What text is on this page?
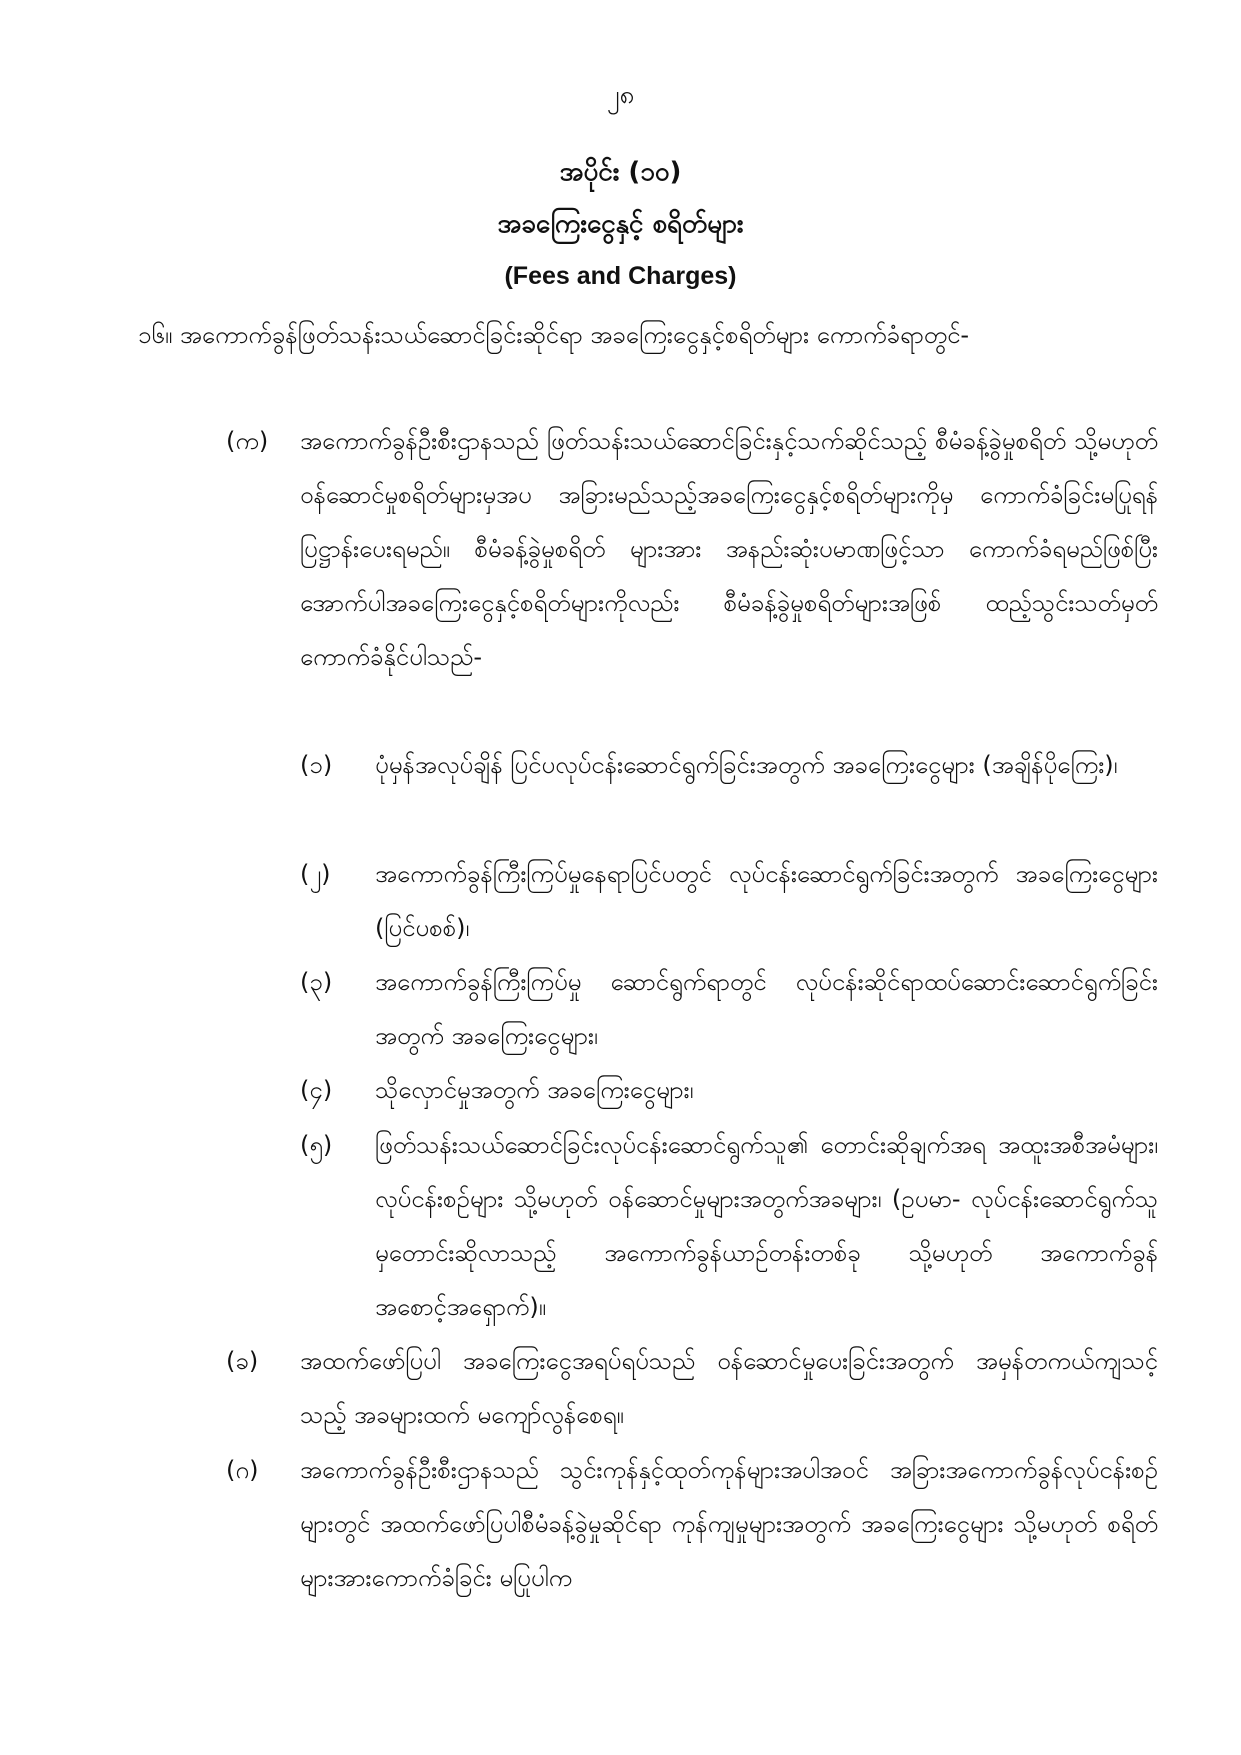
၂၈
အပိုင်း (၁၀)
အခကြေးငွေနှင့် စရိတ်များ
(Fees and Charges)
၁၆။ အကောက်ခွန်ဖြတ်သန်းသယ်ဆောင်ခြင်းဆိုင်ရာ အခကြေးငွေနှင့်စရိတ်များ ကောက်ခံရာတွင်-
(က) အကောက်ခွန်ဦးစီးဌာနသည် ဖြတ်သန်းသယ်ဆောင်ခြင်းနှင့်သက်ဆိုင်သည့် စီမံခန့်ခွဲမှုစရိတ် သို့မဟုတ် ဝန်ဆောင်မှုစရိတ်များမှအပ အခြားမည်သည့်အခကြေးငွေနှင့်စရိတ်များကိုမှ ကောက်ခံခြင်းမပြုရန် ပြဋ္ဌာန်းပေးရမည်။ စီမံခန့်ခွဲမှုစရိတ် များအား အနည်းဆုံးပမာဏဖြင့်သာ ကောက်ခံရမည်ဖြစ်ပြီး အောက်ပါအခကြေးငွေနှင့်စရိတ်များကိုလည်း စီမံခန့်ခွဲမှုစရိတ်များအဖြစ် ထည့်သွင်းသတ်မှတ်ကောက်ခံနိုင်ပါသည်-
(၁) ပုံမှန်အလုပ်ချိန် ပြင်ပလုပ်ငန်းဆောင်ရွက်ခြင်းအတွက် အခကြေးငွေများ (အချိန်ပိုကြေး)၊
(၂) အကောက်ခွန်ကြီးကြပ်မှုနေရာပြင်ပတွင် လုပ်ငန်းဆောင်ရွက်ခြင်းအတွက် အခကြေးငွေများ (ပြင်ပစစ်)၊
(၃) အကောက်ခွန်ကြီးကြပ်မှု ဆောင်ရွက်ရာတွင် လုပ်ငန်းဆိုင်ရာထပ်ဆောင်းဆောင်ရွက်ခြင်းအတွက် အခကြေးငွေများ၊
(၄) သိုလှောင်မှုအတွက် အခကြေးငွေများ၊
(၅) ဖြတ်သန်းသယ်ဆောင်ခြင်းလုပ်ငန်းဆောင်ရွက်သူ၏ တောင်းဆိုချက်အရ အထူးအစီအမံများ၊ လုပ်ငန်းစဉ်များ သို့မဟုတ် ဝန်ဆောင်မှုများအတွက်အခများ၊ (ဥပမာ- လုပ်ငန်းဆောင်ရွက်သူမှတောင်းဆိုလာသည့် အကောက်ခွန်ယာဉ်တန်းတစ်ခု သို့မဟုတ် အကောက်ခွန်အစောင့်အရှောက်)။
(ခ) အထက်ဖော်ပြပါ အခကြေးငွေအရပ်ရပ်သည် ဝန်ဆောင်မှုပေးခြင်းအတွက် အမှန်တကယ်ကျသင့်သည့် အခများထက် မကျော်လွန်စေရ။
(ဂ) အကောက်ခွန်ဦးစီးဌာနသည် သွင်းကုန်နှင့်ထုတ်ကုန်များအပါအဝင် အခြားအကောက်ခွန်လုပ်ငန်းစဉ်များတွင် အထက်ဖော်ပြပါစီမံခန့်ခွဲမှုဆိုင်ရာ ကုန်ကျမှုများအတွက် အခကြေးငွေများ သို့မဟုတ် စရိတ်များအားကောက်ခံခြင်း မပြုပါက
